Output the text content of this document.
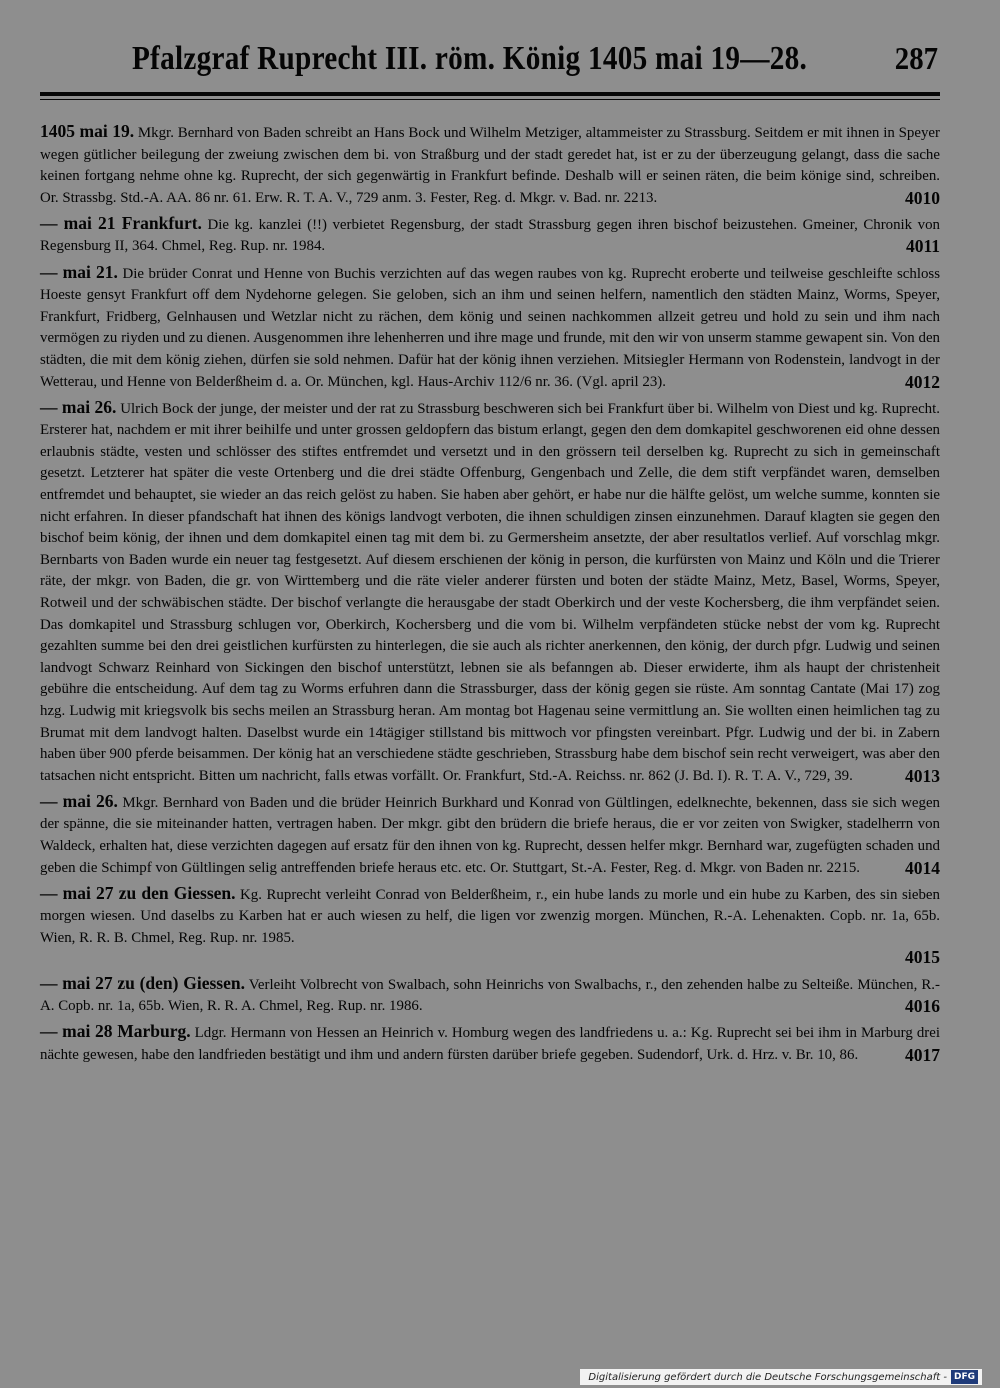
Pfalzgraf Ruprecht III. röm. König 1405 mai 19—28.	287
1405 mai 19. Mkgr. Bernhard von Baden schreibt an Hans Bock und Wilhelm Metziger, altammeister zu Strassburg. Seitdem er mit ihnen in Speyer wegen gütlicher beilegung der zweiung zwischen dem bi. von Straßburg und der stadt geredet hat, ist er zu der überzeugung gelangt, dass die sache keinen fortgang nehme ohne kg. Ruprecht, der sich gegenwärtig in Frankfurt befinde. Deshalb will er seinen räten, die beim könige sind, schreiben. Or. Strassbg. Std.-A. AA. 86 nr. 61. Erw. R. T. A. V., 729 anm. 3. Fester, Reg. d. Mkgr. v. Bad. nr. 2213.	4010
— mai 21 Frankfurt. Die kg. kanzlei (!!) verbietet Regensburg, der stadt Strassburg gegen ihren bischof beizustehen. Gmeiner, Chronik von Regensburg II, 364. Chmel, Reg. Rup. nr. 1984.	4011
— mai 21. Die brüder Conrat und Henne von Buchis verzichten auf das wegen raubes von kg. Ruprecht eroberte und teilweise geschleifte schloss Hoeste gensyt Frankfurt off dem Nydehorne gelegen. Sie geloben, sich an ihm und seinen helfern, namentlich den städten Mainz, Worms, Speyer, Frankfurt, Fridberg, Gelnhausen und Wetzlar nicht zu rächen, dem könig und seinen nachkommen allzeit getreu und hold zu sein und ihm nach vermögen zu riyden und zu dienen. Ausgenommen ihre lehenherren und ihre mage und frunde, mit den wir von unserm stamme gewapent sin. Von den städten, die mit dem könig ziehen, dürfen sie sold nehmen. Dafür hat der könig ihnen verziehen. Mitsiegler Hermann von Rodenstein, landvogt in der Wetterau, und Henne von Belderßheim d. a. Or. München, kgl. Haus-Archiv 112/6 nr. 36. (Vgl. april 23).	4012
— mai 26. Ulrich Bock der junge, der meister und der rat zu Strassburg beschweren sich bei Frankfurt über bi. Wilhelm von Diest und kg. Ruprecht. Ersterer hat, nachdem er mit ihrer beihilfe und unter grossen geldopfern das bistum erlangt, gegen den dem domkapitel geschworenen eid ohne dessen erlaubnis städte, vesten und schlösser des stiftes entfremdet und versetzt und in den grössern teil derselben kg. Ruprecht zu sich in gemeinschaft gesetzt. Letzterer hat später die veste Ortenberg und die drei städte Offenburg, Gengenbach und Zelle, die dem stift verpfändet waren, demselben entfremdet und behauptet, sie wieder an das reich gelöst zu haben. Sie haben aber gehört, er habe nur die hälfte gelöst, um welche summe, konnten sie nicht erfahren. In dieser pfandschaft hat ihnen des königs landvogt verboten, die ihnen schuldigen zinsen einzunehmen. Darauf klagten sie gegen den bischof beim könig, der ihnen und dem domkapitel einen tag mit dem bi. zu Germersheim ansetzte, der aber resultatlos verlief. Auf vorschlag mkgr. Bernbarts von Baden wurde ein neuer tag festgesetzt. Auf diesem erschienen der könig in person, die kurfürsten von Mainz und Köln und die Trierer räte, der mkgr. von Baden, die gr. von Wirttemberg und die räte vieler anderer fürsten und boten der städte Mainz, Metz, Basel, Worms, Speyer, Rotweil und der schwäbischen städte. Der bischof verlangte die herausgabe der stadt Oberkirch und der veste Kochersberg, die ihm verpfändet seien. Das domkapitel und Strassburg schlugen vor, Oberkirch, Kochersberg und die vom bi. Wilhelm verpfändeten stücke nebst der vom kg. Ruprecht gezahlten summe bei den drei geistlichen kurfürsten zu hinterlegen, die sie auch als richter anerkennen, den könig, der durch pfgr. Ludwig und seinen landvogt Schwarz Reinhard von Sickingen den bischof unterstützt, lebnen sie als befanngen ab. Dieser erwiderte, ihm als haupt der christenheit gebühre die entscheidung. Auf dem tag zu Worms erfuhren dann die Strassburger, dass der könig gegen sie rüste. Am sonntag Cantate (Mai 17) zog hzg. Ludwig mit kriegsvolk bis sechs meilen an Strassburg heran. Am montag bot Hagenau seine vermittlung an. Sie wollten einen heimlichen tag zu Brumat mit dem landvogt halten. Daselbst wurde ein 14tägiger stillstand bis mittwoch vor pfingsten vereinbart. Pfgr. Ludwig und der bi. in Zabern haben über 900 pferde beisammen. Der könig hat an verschiedene städte geschrieben, Strassburg habe dem bischof sein recht verweigert, was aber den tatsachen nicht entspricht. Bitten um nachricht, falls etwas vorfällt. Or. Frankfurt, Std.-A. Reichss. nr. 862 (J. Bd. I). R. T. A. V., 729, 39.	4013
— mai 26. Mkgr. Bernhard von Baden und die brüder Heinrich Burkhard und Konrad von Gültlingen, edelknechte, bekennen, dass sie sich wegen der spänne, die sie miteinander hatten, vertragen haben. Der mkgr. gibt den brüdern die briefe heraus, die er vor zeiten von Swigker, stadelherrn von Waldeck, erhalten hat, diese verzichten dagegen auf ersatz für den ihnen von kg. Ruprecht, dessen helfer mkgr. Bernhard war, zugefügten schaden und geben die Schimpf von Gültlingen selig antreffenden briefe heraus etc. etc. Or. Stuttgart, St.-A. Fester, Reg. d. Mkgr. von Baden nr. 2215.	4014
— mai 27 zu den Giessen. Kg. Ruprecht verleiht Conrad von Belderßheim, r., ein hube lands zu morle und ein hube zu Karben, des sin sieben morgen wiesen. Und daselbs zu Karben hat er auch wiesen zu helf, die ligen vor zwenzig morgen. München, R.-A. Lehenakten. Copb. nr. 1a, 65b. Wien, R. R. B. Chmel, Reg. Rup. nr. 1985.
4015
— mai 27 zu (den) Giessen. Verleiht Volbrecht von Swalbach, sohn Heinrichs von Swalbachs, r., den zehenden halbe zu Selteiße. München, R.-A. Copb. nr. 1a, 65b. Wien, R. R. A. Chmel, Reg. Rup. nr. 1986.	4016
— mai 28 Marburg. Ldgr. Hermann von Hessen an Heinrich v. Homburg wegen des landfriedens u. a.: Kg. Ruprecht sei bei ihm in Marburg drei nächte gewesen, habe den landfrieden bestätigt und ihm und andern fürsten darüber briefe gegeben. Sudendorf, Urk. d. Hrz. v. Br. 10, 86.	4017
Digitalisierung gefördert durch die Deutsche Forschungsgemeinschaft - DFG
